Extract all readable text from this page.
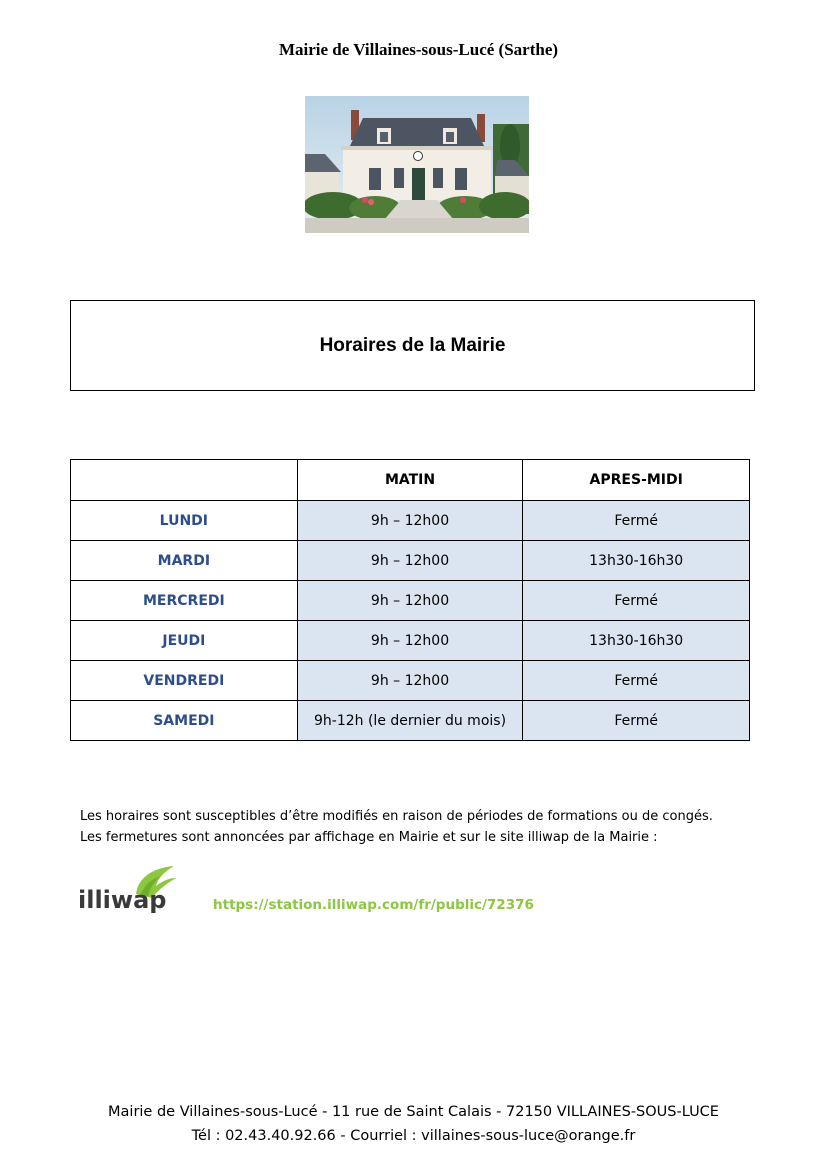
Mairie de Villaines-sous-Lucé (Sarthe)
Horaires de la Mairie
	MATIN	APRES-MIDI
LUNDI	9h – 12h00	Fermé
MARDI	9h – 12h00	13h30-16h30
MERCREDI	9h – 12h00	Fermé
JEUDI	9h – 12h00	13h30-16h30
VENDREDI	9h – 12h00	Fermé
SAMEDI	9h-12h (le dernier du mois)	Fermé

Les horaires sont susceptibles d’être modifiés en raison de périodes de formations ou de congés.

Les fermetures sont annoncées par affichage en Mairie et sur le site illiwap de la Mairie :

illiwap	https://station.illiwap.com/fr/public/72376

Mairie de Villaines-sous-Lucé - 11 rue de Saint Calais - 72150 VILLAINES-SOUS-LUCE

Tél : 02.43.40.92.66 - Courriel : villaines-sous-luce@orange.fr
